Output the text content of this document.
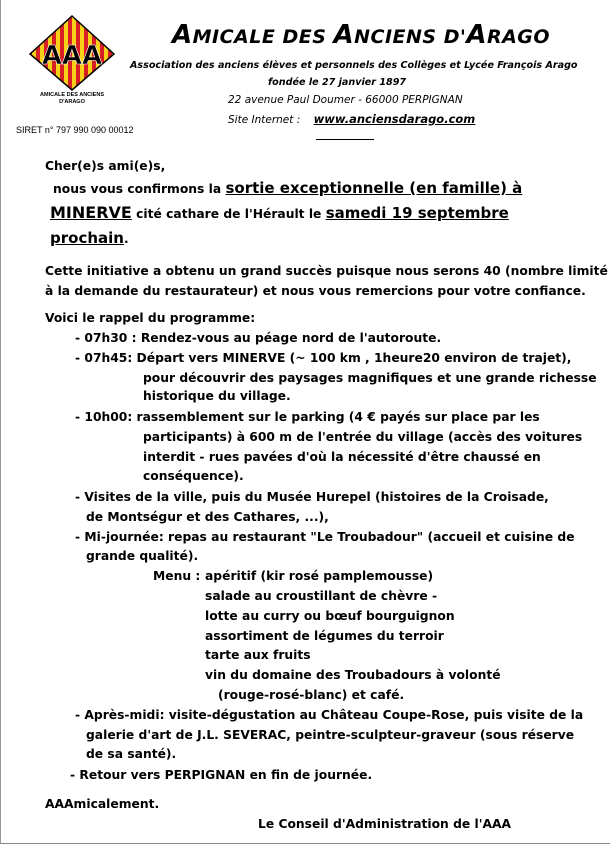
AAA
AMICALE DES ANCIENS
D'ARAGO
SIRET n° 797 990 090 00012
AMICALE DES ANCIENS D'ARAGO
Association des anciens élèves et personnels des Collèges et Lycée François Arago
fondée le 27 janvier 1897
22 avenue Paul Doumer - 66000 PERPIGNAN
Site Internet : www.anciensdarago.com
Cher(e)s ami(e)s,
nous vous confirmons la sortie exceptionnelle (en famille) à
MINERVE cité cathare de l'Hérault le samedi 19 septembre
prochain.
Cette initiative a obtenu un grand succès puisque nous serons 40 (nombre limité
à la demande du restaurateur) et nous vous remercions pour votre confiance.
Voici le rappel du programme:
- 07h30 : Rendez-vous au péage nord de l'autoroute.
- 07h45: Départ vers MINERVE (~ 100 km , 1heure20 environ de trajet),
pour découvrir des paysages magnifiques et une grande richesse
historique du village.
- 10h00: rassemblement sur le parking (4 € payés sur place par les
participants) à 600 m de l'entrée du village (accès des voitures
interdit - rues pavées d'où la nécessité d'être chaussé en
conséquence).
- Visites de la ville, puis du Musée Hurepel (histoires de la Croisade,
de Montségur et des Cathares, ...),
- Mi-journée: repas au restaurant "Le Troubadour" (accueil et cuisine de
grande qualité).
Menu : apéritif (kir rosé pamplemousse)
salade au croustillant de chèvre -
lotte au curry ou bœuf bourguignon
assortiment de légumes du terroir
tarte aux fruits
vin du domaine des Troubadours à volonté
(rouge-rosé-blanc) et café.
- Après-midi: visite-dégustation au Château Coupe-Rose, puis visite de la
galerie d'art de J.L. SEVERAC, peintre-sculpteur-graveur (sous réserve
de sa santé).
- Retour vers PERPIGNAN en fin de journée.
AAAmicalement.
Le Conseil d'Administration de l'AAA
